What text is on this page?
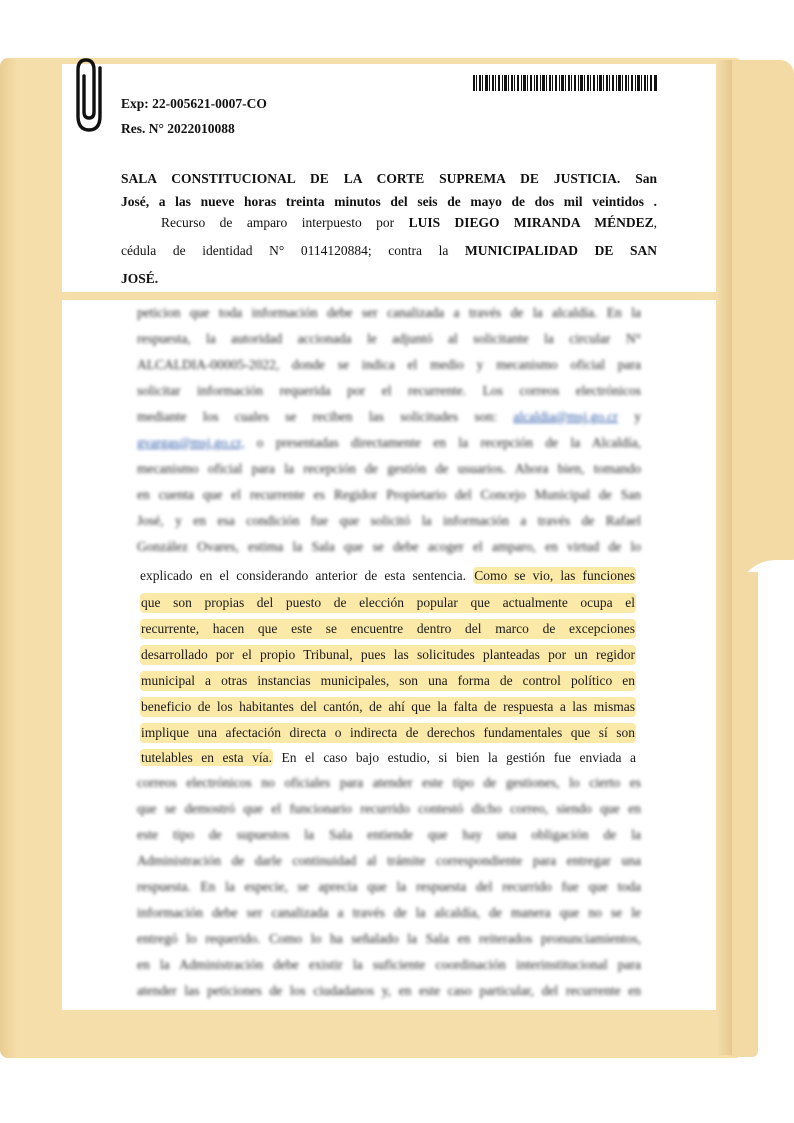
Exp: 22-005621-0007-CO
Res. N° 2022010088
SALA CONSTITUCIONAL DE LA CORTE SUPREMA DE JUSTICIA. San
José, a las nueve horas treinta minutos del seis de mayo de dos mil veintidos .
Recurso de amparo interpuesto por LUIS DIEGO MIRANDA MÉNDEZ,
cédula de identidad N° 0114120884; contra la MUNICIPALIDAD DE SAN
JOSÉ.
peticion que toda información debe ser canalizada a través de la alcaldía. En la
respuesta, la autoridad accionada le adjuntó al solicitante la circular N°
ALCALDIA-00005-2022, donde se indica el medio y mecanismo oficial para
solicitar información requerida por el recurrente. Los correos electrónicos
mediante los cuales se reciben las solicitudes son: alcaldia@msj.go.cr y
gvargas@msj.go.cr, o presentadas directamente en la recepción de la Alcaldía,
mecanismo oficial para la recepción de gestión de usuarios. Ahora bien, tomando
en cuenta que el recurrente es Regidor Propietario del Concejo Municipal de San
José, y en esa condición fue que solicitó la información a través de Rafael
González Ovares, estima la Sala que se debe acoger el amparo, en virtud de lo
explicado en el considerando anterior de esta sentencia. Como se vio, las funciones
que son propias del puesto de elección popular que actualmente ocupa el
recurrente, hacen que este se encuentre dentro del marco de excepciones
desarrollado por el propio Tribunal, pues las solicitudes planteadas por un regidor
municipal a otras instancias municipales, son una forma de control político en
beneficio de los habitantes del cantón, de ahí que la falta de respuesta a las mismas
implique una afectación directa o indirecta de derechos fundamentales que sí son
tutelables en esta vía. En el caso bajo estudio, si bien la gestión fue enviada a
correos electrónicos no oficiales para atender este tipo de gestiones, lo cierto es
que se demostró que el funcionario recurrido contestó dicho correo, siendo que en
este tipo de supuestos la Sala entiende que hay una obligación de la
Administración de darle continuidad al trámite correspondiente para entregar una
respuesta. En la especie, se aprecia que la respuesta del recurrido fue que toda
información debe ser canalizada a través de la alcaldía, de manera que no se le
entregó lo requerido. Como lo ha señalado la Sala en reiterados pronunciamientos,
en la Administración debe existir la suficiente coordinación interinstitucional para
atender las peticiones de los ciudadanos y, en este caso particular, del recurrente en
